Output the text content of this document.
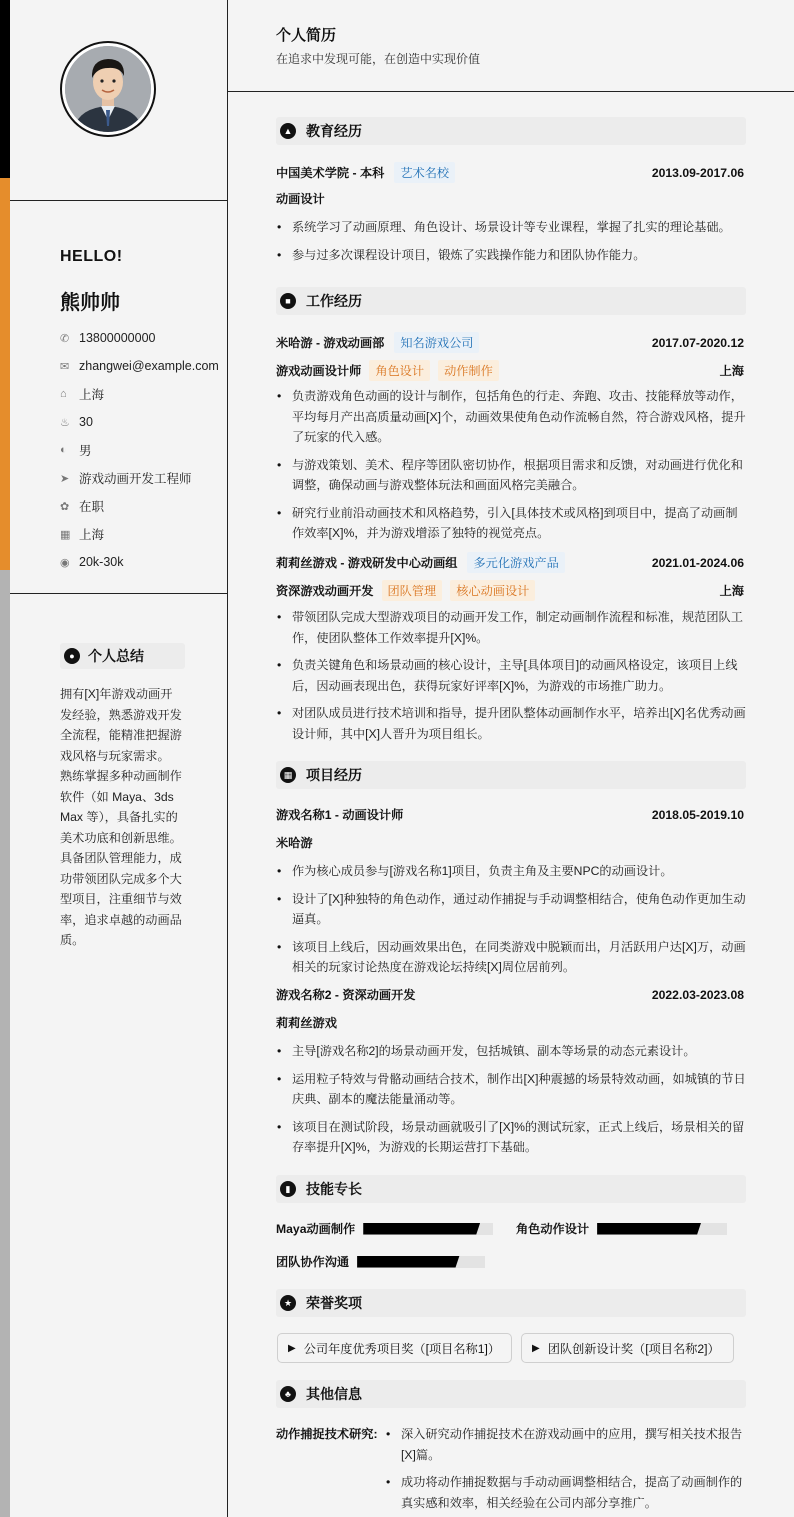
HELLO!
熊帅帅
✆ 13800000000
✉ zhangwei@example.com
⌂ 上海
♨ 30
◐ 男
➤ 游戏动画开发工程师
✿ 在职
▦ 上海
◉ 20k-30k
● 个人总结
拥有[X]年游戏动画开发经验，熟悉游戏开发全流程，能精准把握游戏风格与玩家需求。 熟练掌握多种动画制作软件（如 Maya、3ds Max 等），具备扎实的美术功底和创新思维。 具备团队管理能力，成功带领团队完成多个大型项目，注重细节与效率，追求卓越的动画品质。
个人简历
在追求中发现可能，在创造中实现价值
▲ 教育经历
中国美术学院 - 本科	艺术名校	2013.09-2017.06
动画设计
• 系统学习了动画原理、角色设计、场景设计等专业课程，掌握了扎实的理论基础。
• 参与过多次课程设计项目，锻炼了实践操作能力和团队协作能力。
■	工作经历
米哈游 - 游戏动画部	知名游戏公司	2017.07-2020.12
游戏动画设计师	角色设计	动作制作	上海
• 负责游戏角色动画的设计与制作，包括角色的行走、奔跑、攻击、技能释放等动作，平均每月产出高质量动画[X]个，动画效果使角色动作流畅自然，符合游戏风格，提升了玩家的代入感。
• 与游戏策划、美术、程序等团队密切协作，根据项目需求和反馈，对动画进行优化和调整，确保动画与游戏整体玩法和画面风格完美融合。
• 研究行业前沿动画技术和风格趋势，引入[具体技术或风格]到项目中，提高了动画制作效率[X]%，并为游戏增添了独特的视觉亮点。
莉莉丝游戏 - 游戏研发中心动画组	多元化游戏产品	2021.01-2024.06
资深游戏动画开发	团队管理	核心动画设计	上海
• 带领团队完成大型游戏项目的动画开发工作，制定动画制作流程和标准，规范团队工作，使团队整体工作效率提升[X]%。
• 负责关键角色和场景动画的核心设计，主导[具体项目]的动画风格设定，该项目上线后，因动画表现出色，获得玩家好评率[X]%，为游戏的市场推广助力。
• 对团队成员进行技术培训和指导，提升团队整体动画制作水平，培养出[X]名优秀动画设计师，其中[X]人晋升为项目组长。
▦ 项目经历
游戏名称1 - 动画设计师	2018.05-2019.10
米哈游
• 作为核心成员参与[游戏名称1]项目，负责主角及主要NPC的动画设计。
• 设计了[X]种独特的角色动作，通过动作捕捉与手动调整相结合，使角色动作更加生动逼真。
• 该项目上线后，因动画效果出色，在同类游戏中脱颖而出，月活跃用户达[X]万，动画相关的玩家讨论热度在游戏论坛持续[X]周位居前列。
游戏名称2 - 资深动画开发	2022.03-2023.08
莉莉丝游戏
• 主导[游戏名称2]的场景动画开发，包括城镇、副本等场景的动态元素设计。
• 运用粒子特效与骨骼动画结合技术，制作出[X]种震撼的场景特效动画，如城镇的节日庆典、副本的魔法能量涌动等。
• 该项目在测试阶段，场景动画就吸引了[X]%的测试玩家，正式上线后，场景相关的留存率提升[X]%，为游戏的长期运营打下基础。
▮	技能专长
Maya动画制作	角色动作设计
团队协作沟通
★ 荣誉奖项
▶ 公司年度优秀项目奖（[项目名称1]）	▶ 团队创新设计奖（[项目名称2]）
♣	其他信息
动作捕捉技术研究:
•	深入研究动作捕捉技术在游戏动画中的应用，撰写相关技术报告[X]篇。
• 成功将动作捕捉数据与手动动画调整相结合，提高了动画制作的真实感和效率，相关经验在公司内部分享推广。
